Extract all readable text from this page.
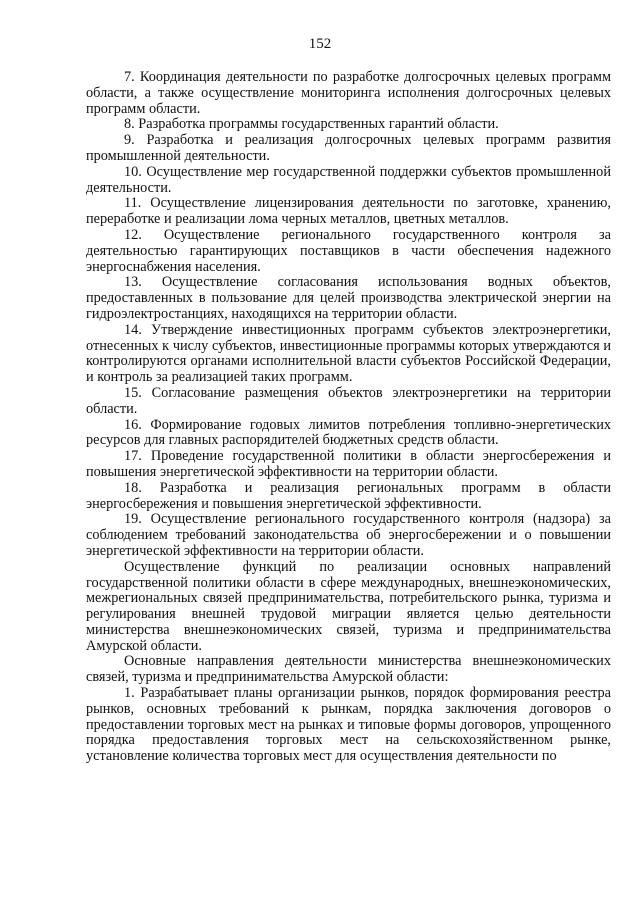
152

7. Координация деятельности по разработке долгосрочных целевых программ области, а также осуществление мониторинга исполнения долгосрочных целевых программ области.

8. Разработка программы государственных гарантий области.

9. Разработка и реализация долгосрочных целевых программ развития промышленной деятельности.

10. Осуществление мер государственной поддержки субъектов промышленной деятельности.

11. Осуществление лицензирования деятельности по заготовке, хранению, переработке и реализации лома черных металлов, цветных металлов.

12. Осуществление регионального государственного контроля за деятельностью гарантирующих поставщиков в части обеспечения надежного энергоснабжения населения.

13. Осуществление согласования использования водных объектов, предоставленных в пользование для целей производства электрической энергии на гидроэлектростанциях, находящихся на территории области.

14. Утверждение инвестиционных программ субъектов электроэнергетики, отнесенных к числу субъектов, инвестиционные программы которых утверждаются и контролируются органами исполнительной власти субъектов Российской Федерации, и контроль за реализацией таких программ.

15. Согласование размещения объектов электроэнергетики на территории области.

16. Формирование годовых лимитов потребления топливно-энергетических ресурсов для главных распорядителей бюджетных средств области.

17. Проведение государственной политики в области энергосбережения и повышения энергетической эффективности на территории области.

18. Разработка и реализация региональных программ в области энергосбережения и повышения энергетической эффективности.

19. Осуществление регионального государственного контроля (надзора) за соблюдением требований законодательства об энергосбережении и о повышении энергетической эффективности на территории области.

Осуществление функций по реализации основных направлений государственной политики области в сфере международных, внешнеэкономических, межрегиональных связей предпринимательства, потребительского рынка, туризма и регулирования внешней трудовой миграции является целью деятельности министерства внешнеэкономических связей, туризма и предпринимательства Амурской области.

Основные направления деятельности министерства внешнеэкономических связей, туризма и предпринимательства Амурской области:

1. Разрабатывает планы организации рынков, порядок формирования реестра рынков, основных требований к рынкам, порядка заключения договоров о предоставлении торговых мест на рынках и типовые формы договоров, упрощенного порядка предоставления торговых мест на сельскохозяйственном рынке, установление количества торговых мест для осуществления деятельности по
